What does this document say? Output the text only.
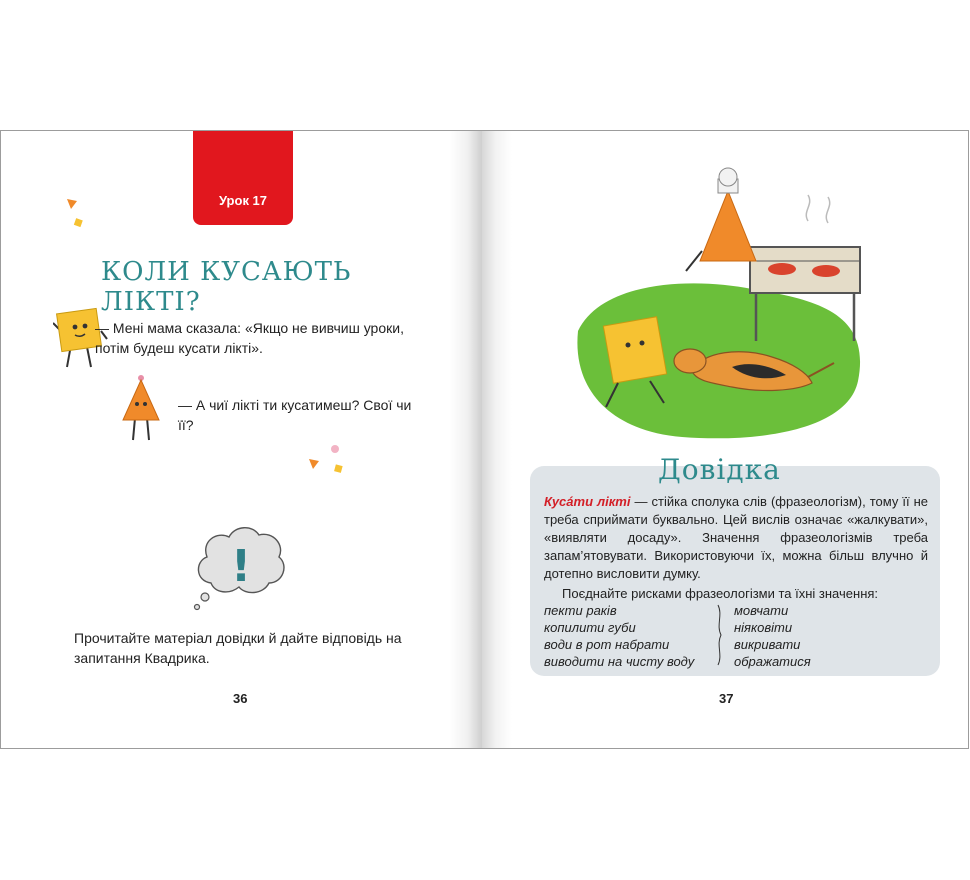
Урок 17
КОЛИ КУСАЮТЬ ЛІКТІ?
— Мені мама сказала: «Якщо не вивчиш уроки, потім будеш кусати лікті».
— А чиї лікті ти кусатимеш? Свої чи її?
!
Прочитайте матеріал довідки й дайте відповідь на запитання Квадрика.
36
Довідка
Кусáти лікті — стійка сполука слів (фразеологізм), тому її не треба сприймати буквально. Цей вислів означає «жалкувати», «виявляти досаду». Значення фразеологізмів треба запам’ятовувати. Використовуючи їх, можна більш влучно й дотепно висловити думку.
Поєднайте рисками фразеологізми та їхні значення:
пекти раків
копилити губи
води в рот набрати
виводити на чисту воду
мовчати
ніяковіти
викривати
ображатися
37
